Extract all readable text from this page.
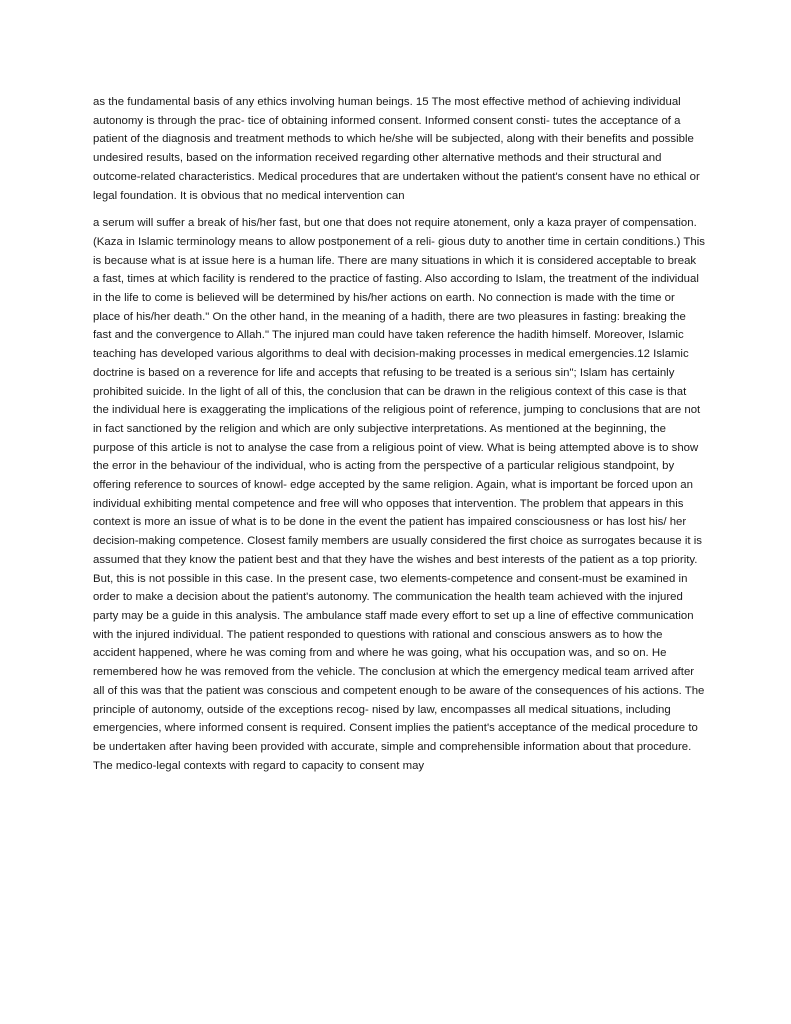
as the fundamental basis of any ethics involving human beings. 15 The most effective method of achieving individual autonomy is through the prac- tice of obtaining informed consent. Informed consent consti- tutes the acceptance of a patient of the diagnosis and treatment methods to which he/she will be subjected, along with their benefits and possible undesired results, based on the information received regarding other alternative methods and their structural and outcome-related characteristics. Medical procedures that are undertaken without the patient's consent have no ethical or legal foundation. It is obvious that no medical intervention can

a serum will suffer a break of his/her fast, but one that does not require atonement, only a kaza prayer of compensation. (Kaza in Islamic terminology means to allow postponement of a reli- gious duty to another time in certain conditions.) This is because what is at issue here is a human life. There are many situations in which it is considered acceptable to break a fast, times at which facility is rendered to the practice of fasting. Also according to Islam, the treatment of the individual in the life to come is believed will be determined by his/her actions on earth. No connection is made with the time or place of his/her death." On the other hand, in the meaning of a hadith, there are two pleasures in fasting: breaking the fast and the convergence to Allah." The injured man could have taken reference the hadith himself. Moreover, Islamic teaching has developed various algorithms to deal with decision-making processes in medical emergencies.12 Islamic doctrine is based on a reverence for life and accepts that refusing to be treated is a serious sin"; Islam has certainly prohibited suicide. In the light of all of this, the conclusion that can be drawn in the religious context of this case is that the individual here is exaggerating the implications of the religious point of reference, jumping to conclusions that are not in fact sanctioned by the religion and which are only subjective interpretations. As mentioned at the beginning, the purpose of this article is not to analyse the case from a religious point of view. What is being attempted above is to show the error in the behaviour of the individual, who is acting from the perspective of a particular religious standpoint, by offering reference to sources of knowl- edge accepted by the same religion. Again, what is important be forced upon an individual exhibiting mental competence and free will who opposes that intervention. The problem that appears in this context is more an issue of what is to be done in the event the patient has impaired consciousness or has lost his/ her decision-making competence. Closest family members are usually considered the first choice as surrogates because it is assumed that they know the patient best and that they have the wishes and best interests of the patient as a top priority. But, this is not possible in this case. In the present case, two elements-competence and consent-must be examined in order to make a decision about the patient's autonomy. The communication the health team achieved with the injured party may be a guide in this analysis. The ambulance staff made every effort to set up a line of effective communication with the injured individual. The patient responded to questions with rational and conscious answers as to how the accident happened, where he was coming from and where he was going, what his occupation was, and so on. He remembered how he was removed from the vehicle. The conclusion at which the emergency medical team arrived after all of this was that the patient was conscious and competent enough to be aware of the consequences of his actions. The principle of autonomy, outside of the exceptions recog- nised by law, encompasses all medical situations, including emergencies, where informed consent is required. Consent implies the patient's acceptance of the medical procedure to be undertaken after having been provided with accurate, simple and comprehensible information about that procedure. The medico-legal contexts with regard to capacity to consent may
